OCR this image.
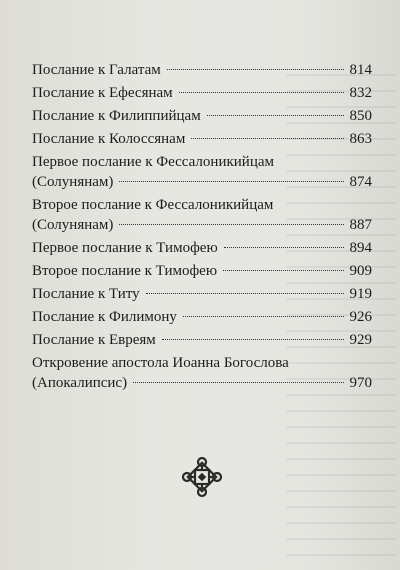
Послание к Галатам	814
Послание к Ефесянам	832
Послание к Филиппийцам	850
Послание к Колоссянам	863
Первое послание к Фессалоникийцам
(Солунянам)	874
Второе послание к Фессалоникийцам
(Солунянам)	887
Первое послание к Тимофею	894
Второе послание к Тимофею	909
Послание к Титу	919
Послание к Филимону	926
Послание к Евреям	929
Откровение апостола Иоанна Богослова
(Апокалипсис)	970
